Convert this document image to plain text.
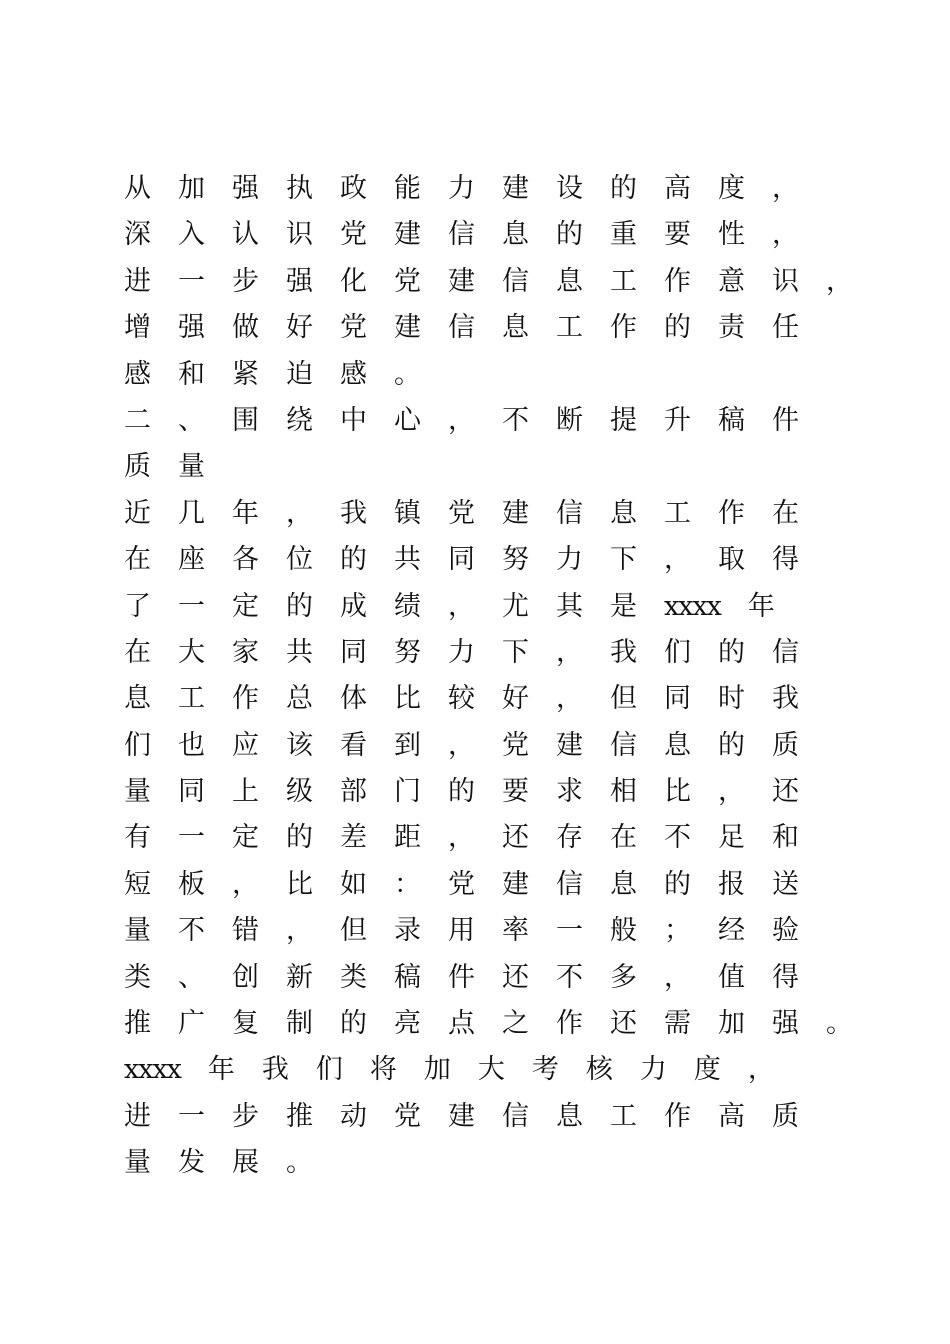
从 加 强 执 政 能 力 建 设 的 高 度 ，
深 入 认 识 党 建 信 息 的 重 要 性 ，
进 一 步 强 化 党 建 信 息 工 作 意 识 ，
增 强 做 好 党 建 信 息 工 作 的 责 任
感 和 紧 迫 感 。
二 、 围 绕 中 心 ， 不 断 提 升 稿 件
质 量
近 几 年 ， 我 镇 党 建 信 息 工 作 在
在 座 各 位 的 共 同 努 力 下 ， 取 得
了 一 定 的 成 绩 ， 尤 其 是 xxxx 年
在 大 家 共 同 努 力 下 ， 我 们 的 信
息 工 作 总 体 比 较 好 ， 但 同 时 我
们 也 应 该 看 到 ， 党 建 信 息 的 质
量 同 上 级 部 门 的 要 求 相 比 ， 还
有 一 定 的 差 距 ， 还 存 在 不 足 和
短 板 ， 比 如 ： 党 建 信 息 的 报 送
量 不 错 ， 但 录 用 率 一 般 ； 经 验
类 、 创 新 类 稿 件 还 不 多 ， 值 得
推 广 复 制 的 亮 点 之 作 还 需 加 强 。
xxxx 年 我 们 将 加 大 考 核 力 度 ，
进 一 步 推 动 党 建 信 息 工 作 高 质
量 发 展 。
